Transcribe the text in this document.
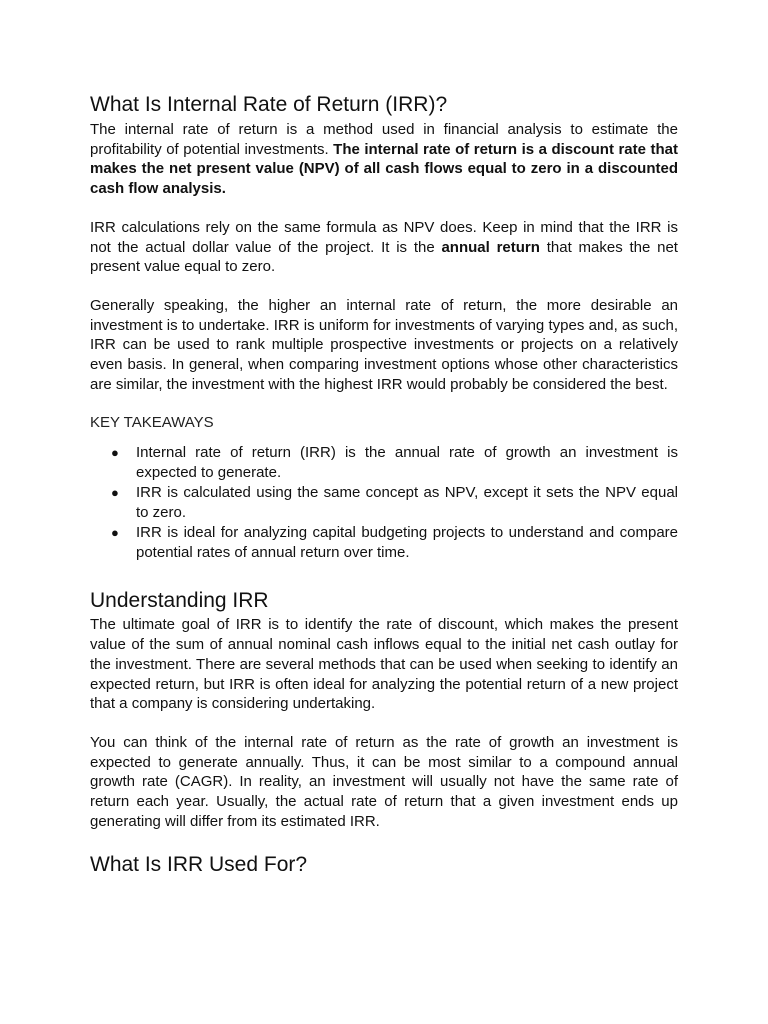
What Is Internal Rate of Return (IRR)?

The internal rate of return is a method used in financial analysis to estimate the profitability of potential investments. The internal rate of return is a discount rate that makes the net present value (NPV) of all cash flows equal to zero in a discounted cash flow analysis.

IRR calculations rely on the same formula as NPV does. Keep in mind that the IRR is not the actual dollar value of the project. It is the annual return that makes the net present value equal to zero.

Generally speaking, the higher an internal rate of return, the more desirable an investment is to undertake. IRR is uniform for investments of varying types and, as such, IRR can be used to rank multiple prospective investments or projects on a relatively even basis. In general, when comparing investment options whose other characteristics are similar, the investment with the highest IRR would probably be considered the best.

KEY TAKEAWAYS
● Internal rate of return (IRR) is the annual rate of growth an investment is expected to generate.
● IRR is calculated using the same concept as NPV, except it sets the NPV equal to zero.
● IRR is ideal for analyzing capital budgeting projects to understand and compare potential rates of annual return over time.
Understanding IRR

The ultimate goal of IRR is to identify the rate of discount, which makes the present value of the sum of annual nominal cash inflows equal to the initial net cash outlay for the investment. There are several methods that can be used when seeking to identify an expected return, but IRR is often ideal for analyzing the potential return of a new project that a company is considering undertaking.

You can think of the internal rate of return as the rate of growth an investment is expected to generate annually. Thus, it can be most similar to a compound annual growth rate (CAGR). In reality, an investment will usually not have the same rate of return each year. Usually, the actual rate of return that a given investment ends up generating will differ from its estimated IRR.

What Is IRR Used For?
